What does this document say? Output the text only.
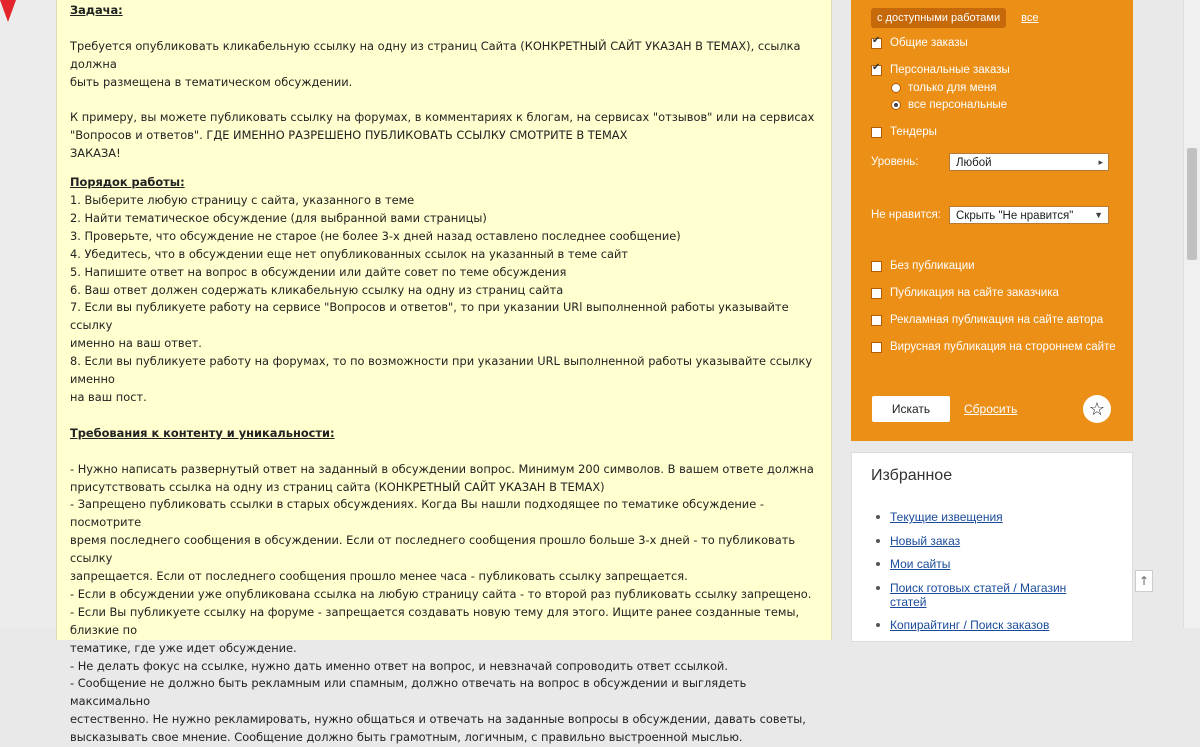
Задача:

Требуется опубликовать кликабельную ссылку на одну из страниц Сайта (КОНКРЕТНЫЙ САЙТ УКАЗАН В ТЕМАХ), ссылка должна
быть размещена в тематическом обсуждении.

К примеру, вы можете публиковать ссылку на форумах, в комментариях к блогам, на сервисах "отзывов" или на сервисах
"Вопросов и ответов". ГДЕ ИМЕННО РАЗРЕШЕНО ПУБЛИКОВАТЬ ССЫЛКУ СМОТРИТЕ В ТЕМАХ
ЗАКАЗА!

Порядок работы:

1. Выберите любую страницу с сайта, указанного в теме
2. Найти тематическое обсуждение (для выбранной вами страницы)
3. Проверьте, что обсуждение не старое (не более 3-х дней назад оставлено последнее сообщение)
4. Убедитесь, что в обсуждении еще нет опубликованных ссылок на указанный в теме сайт
5. Напишите ответ на вопрос в обсуждении или дайте совет по теме обсуждения
6. Ваш ответ должен содержать кликабельную ссылку на одну из страниц сайта
7. Если вы публикуете работу на сервисе "Вопросов и ответов", то при указании URl выполненной работы указывайте ссылку
именно на ваш ответ.
8. Если вы публикуете работу на форумах, то по возможности при указании URL выполненной работы указывайте ссылку именно
на ваш пост.

Требования к контенту и уникальности:

- Нужно написать развернутый ответ на заданный в обсуждении вопрос. Минимум 200 символов. В вашем ответе должна
присутствовать ссылка на одну из страниц сайта (КОНКРЕТНЫЙ САЙТ УКАЗАН В ТЕМАХ)
- Запрещено публиковать ссылки в старых обсуждениях. Когда Вы нашли подходящее по тематике обсуждение - посмотрите
время последнего сообщения в обсуждении. Если от последнего сообщения прошло больше 3-х дней - то публиковать ссылку
запрещается. Если от последнего сообщения прошло менее часа - публиковать ссылку запрещается.
- Если в обсуждении уже опубликована ссылка на любую страницу сайта - то второй раз публиковать ссылку запрещено.
- Если Вы публикуете ссылку на форуме - запрещается создавать новую тему для этого. Ищите ранее созданные темы, близкие по
тематике, где уже идет обсуждение.
- Не делать фокус на ссылке, нужно дать именно ответ на вопрос, и невзначай сопроводить ответ ссылкой.
- Сообщение не должно быть рекламным или спамным, должно отвечать на вопрос в обсуждении и выглядеть максимально
естественно. Не нужно рекламировать, нужно общаться и отвечать на заданные вопросы в обсуждении, давать советы,
высказывать свое мнение. Сообщение должно быть грамотным, логичным, с правильно выстроенной мыслью.

с доступными работами все
✔
Общие заказы
✔
Персональные заказы
только для меня
все персональные
Тендеры
Уровень:	Любой	▸
Не нравится:	Скрыть "Не нравится" ▼
Без публикации
Публикация на сайте заказчика
Рекламная публикация на сайте автора
Вирусная публикация на стороннем сайте
Искать	Сбросить	☆
Избранное
Текущие извещения
Новый заказ
Мои сайты
Поиск готовых статей / Магазин статей
Копирайтинг / Поиск заказов
↑
